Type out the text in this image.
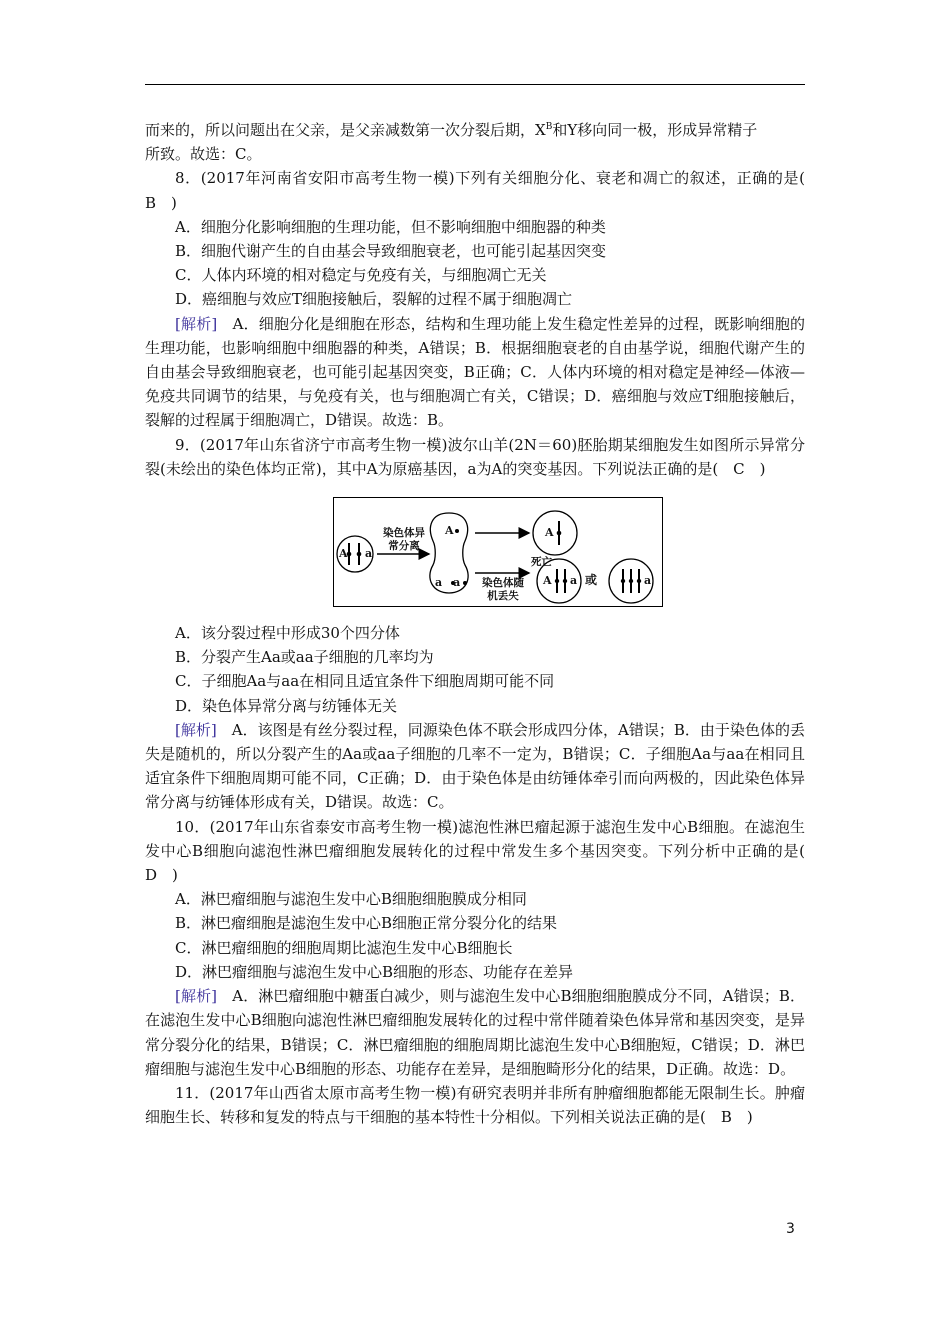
而来的，所以问题出在父亲，是父亲减数第一次分裂后期，$X^B$和Y移向同一极，形成异常精子

所致。故选：C。

8．(2017年河南省安阳市高考生物一模)下列有关细胞分化、衰老和凋亡的叙述，正确的是(　B　)

A．细胞分化影响细胞的生理功能，但不影响细胞中细胞器的种类

B．细胞代谢产生的自由基会导致细胞衰老，也可能引起基因突变

C．人体内环境的相对稳定与免疫有关，与细胞凋亡无关

D．癌细胞与效应T细胞接触后，裂解的过程不属于细胞凋亡

[解析]　A．细胞分化是细胞在形态，结构和生理功能上发生稳定性差异的过程，既影响细胞的生理功能，也影响细胞中细胞器的种类，A错误；B．根据细胞衰老的自由基学说，细胞代谢产生的自由基会导致细胞衰老，也可能引起基因突变，B正确；C．人体内环境的相对稳定是神经—体液—免疫共同调节的结果，与免疫有关，也与细胞凋亡有关，C错误；D．癌细胞与效应T细胞接触后，裂解的过程属于细胞凋亡，D错误。故选：B。

9．(2017年山东省济宁市高考生物一模)波尔山羊(2N＝60)胚胎期某细胞发生如图所示异常分裂(未绘出的染色体均正常)，其中A为原癌基因，a为A的突变基因。下列说法正确的是(　C　)

A a
染色体异
常分离
A
a　a	染色体随
机丢失
死亡
A
A a 或	a

A．该分裂过程中形成30个四分体

B．分裂产生Aa或aa子细胞的几率均为

C．子细胞Aa与aa在相同且适宜条件下细胞周期可能不同

D．染色体异常分离与纺锤体无关

[解析]　A．该图是有丝分裂过程，同源染色体不联会形成四分体，A错误；B．由于染色体的丢失是随机的，所以分裂产生的Aa或aa子细胞的几率不一定为，B错误；C．子细胞Aa与aa在相同且适宜条件下细胞周期可能不同，C正确；D．由于染色体是由纺锤体牵引而向两极的，因此染色体异常分离与纺锤体形成有关，D错误。故选：C。

10．(2017年山东省泰安市高考生物一模)滤泡性淋巴瘤起源于滤泡生发中心B细胞。在滤泡生发中心B细胞向滤泡性淋巴瘤细胞发展转化的过程中常发生多个基因突变。下列分析中正确的是(　D　)

A．淋巴瘤细胞与滤泡生发中心B细胞细胞膜成分相同

B．淋巴瘤细胞是滤泡生发中心B细胞正常分裂分化的结果

C．淋巴瘤细胞的细胞周期比滤泡生发中心B细胞长

D．淋巴瘤细胞与滤泡生发中心B细胞的形态、功能存在差异

[解析]　A．淋巴瘤细胞中糖蛋白减少，则与滤泡生发中心B细胞细胞膜成分不同，A错误；B．在滤泡生发中心B细胞向滤泡性淋巴瘤细胞发展转化的过程中常伴随着染色体异常和基因突变，是异常分裂分化的结果，B错误；C．淋巴瘤细胞的细胞周期比滤泡生发中心B细胞短，C错误；D．淋巴瘤细胞与滤泡生发中心B细胞的形态、功能存在差异，是细胞畸形分化的结果，D正确。故选：D。

11．(2017年山西省太原市高考生物一模)有研究表明并非所有肿瘤细胞都能无限制生长。肿瘤细胞生长、转移和复发的特点与干细胞的基本特性十分相似。下列相关说法正确的是(　B　)

3
